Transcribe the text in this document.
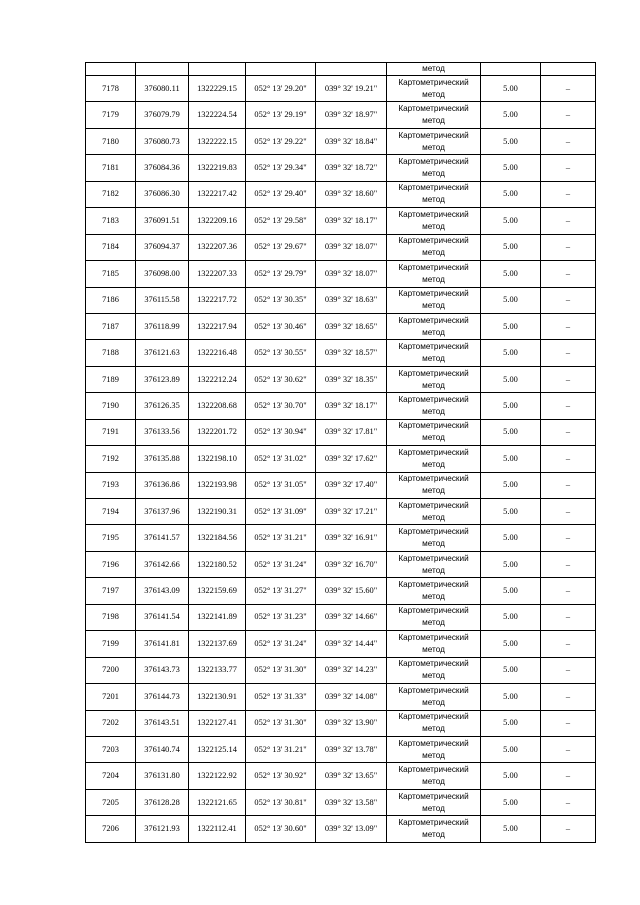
					метод		
7178	376080.11	1322229.15	052° 13' 29.20"	039° 32' 19.21"	Картометрический метод	5.00	–
7179	376079.79	1322224.54	052° 13' 29.19"	039° 32' 18.97"	Картометрический метод	5.00	–
7180	376080.73	1322222.15	052° 13' 29.22"	039° 32' 18.84"	Картометрический метод	5.00	–
7181	376084.36	1322219.83	052° 13' 29.34"	039° 32' 18.72"	Картометрический метод	5.00	–
7182	376086.30	1322217.42	052° 13' 29.40"	039° 32' 18.60"	Картометрический метод	5.00	–
7183	376091.51	1322209.16	052° 13' 29.58"	039° 32' 18.17"	Картометрический метод	5.00	–
7184	376094.37	1322207.36	052° 13' 29.67"	039° 32' 18.07"	Картометрический метод	5.00	–
7185	376098.00	1322207.33	052° 13' 29.79"	039° 32' 18.07"	Картометрический метод	5.00	–
7186	376115.58	1322217.72	052° 13' 30.35"	039° 32' 18.63"	Картометрический метод	5.00	–
7187	376118.99	1322217.94	052° 13' 30.46"	039° 32' 18.65"	Картометрический метод	5.00	–
7188	376121.63	1322216.48	052° 13' 30.55"	039° 32' 18.57"	Картометрический метод	5.00	–
7189	376123.89	1322212.24	052° 13' 30.62"	039° 32' 18.35"	Картометрический метод	5.00	–
7190	376126.35	1322208.68	052° 13' 30.70"	039° 32' 18.17"	Картометрический метод	5.00	–
7191	376133.56	1322201.72	052° 13' 30.94"	039° 32' 17.81"	Картометрический метод	5.00	–
7192	376135.88	1322198.10	052° 13' 31.02"	039° 32' 17.62"	Картометрический метод	5.00	–
7193	376136.86	1322193.98	052° 13' 31.05"	039° 32' 17.40"	Картометрический метод	5.00	–
7194	376137.96	1322190.31	052° 13' 31.09"	039° 32' 17.21"	Картометрический метод	5.00	–
7195	376141.57	1322184.56	052° 13' 31.21"	039° 32' 16.91"	Картометрический метод	5.00	–
7196	376142.66	1322180.52	052° 13' 31.24"	039° 32' 16.70"	Картометрический метод	5.00	–
7197	376143.09	1322159.69	052° 13' 31.27"	039° 32' 15.60"	Картометрический метод	5.00	–
7198	376141.54	1322141.89	052° 13' 31.23"	039° 32' 14.66"	Картометрический метод	5.00	–
7199	376141.81	1322137.69	052° 13' 31.24"	039° 32' 14.44"	Картометрический метод	5.00	–
7200	376143.73	1322133.77	052° 13' 31.30"	039° 32' 14.23"	Картометрический метод	5.00	–
7201	376144.73	1322130.91	052° 13' 31.33"	039° 32' 14.08"	Картометрический метод	5.00	–
7202	376143.51	1322127.41	052° 13' 31.30"	039° 32' 13.90"	Картометрический метод	5.00	–
7203	376140.74	1322125.14	052° 13' 31.21"	039° 32' 13.78"	Картометрический метод	5.00	–
7204	376131.80	1322122.92	052° 13' 30.92"	039° 32' 13.65"	Картометрический метод	5.00	–
7205	376128.28	1322121.65	052° 13' 30.81"	039° 32' 13.58"	Картометрический метод	5.00	–
7206	376121.93	1322112.41	052° 13' 30.60"	039° 32' 13.09"	Картометрический метод	5.00	–
